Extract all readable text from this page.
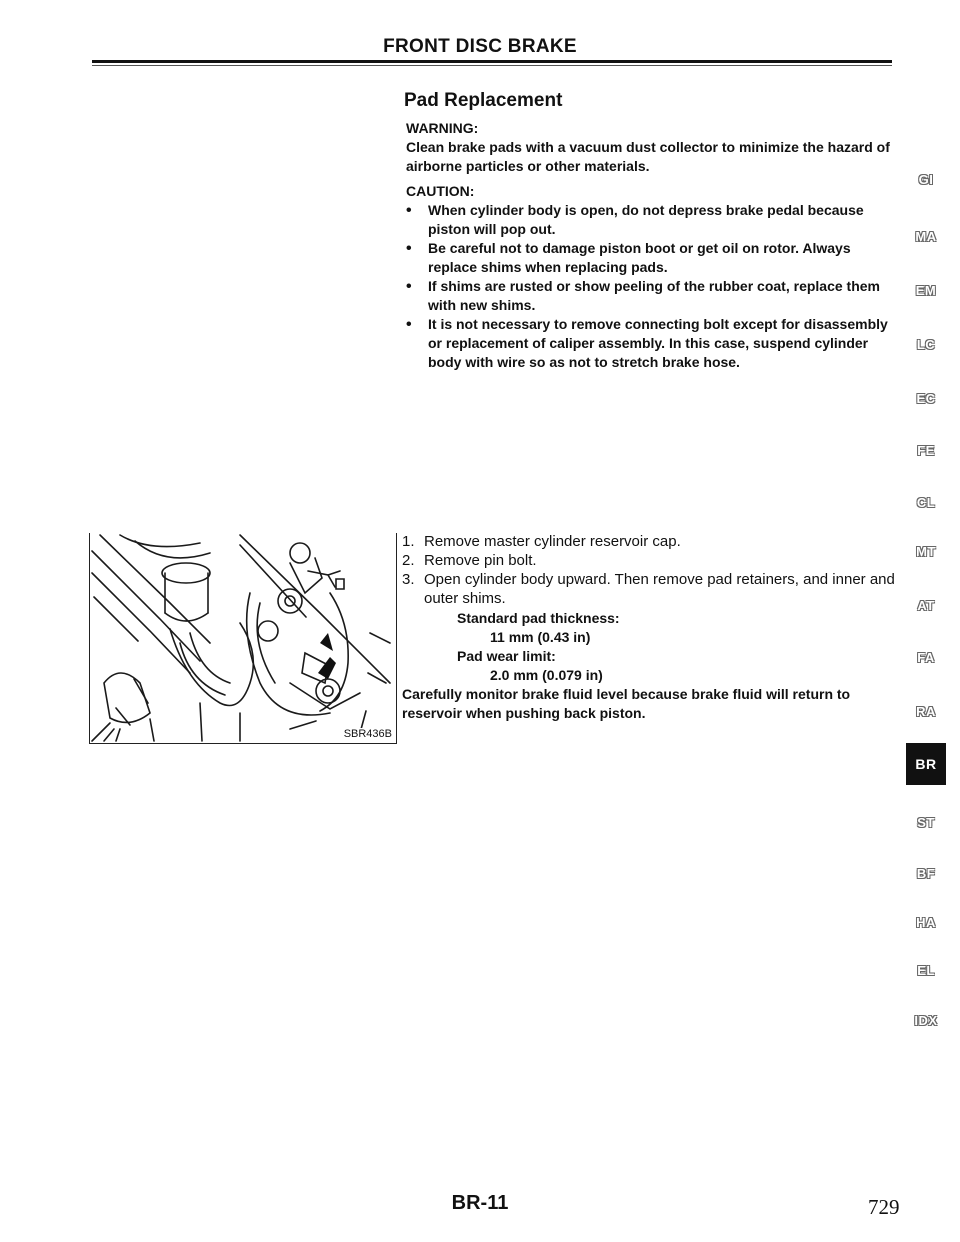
FRONT DISC BRAKE
Pad Replacement
WARNING:
Clean brake pads with a vacuum dust collector to minimize the hazard of airborne particles or other materials.
CAUTION:
• When cylinder body is open, do not depress brake pedal because piston will pop out.
• Be careful not to damage piston boot or get oil on rotor. Always replace shims when replacing pads.
• If shims are rusted or show peeling of the rubber coat, replace them with new shims.
• It is not necessary to remove connecting bolt except for disassembly or replacement of caliper assembly. In this case, suspend cylinder body with wire so as not to stretch brake hose.
SBR436B
1. Remove master cylinder reservoir cap.
2. Remove pin bolt.
3. Open cylinder body upward. Then remove pad retainers, and inner and outer shims.
Standard pad thickness:
11 mm (0.43 in)
Pad wear limit:
2.0 mm (0.079 in)
Carefully monitor brake fluid level because brake fluid will return to reservoir when pushing back piston.
GI
MA
EM
LC
EC
FE
CL
MT
AT
FA
RA
BR
ST
BF
HA
EL
IDX
BR-11	729
